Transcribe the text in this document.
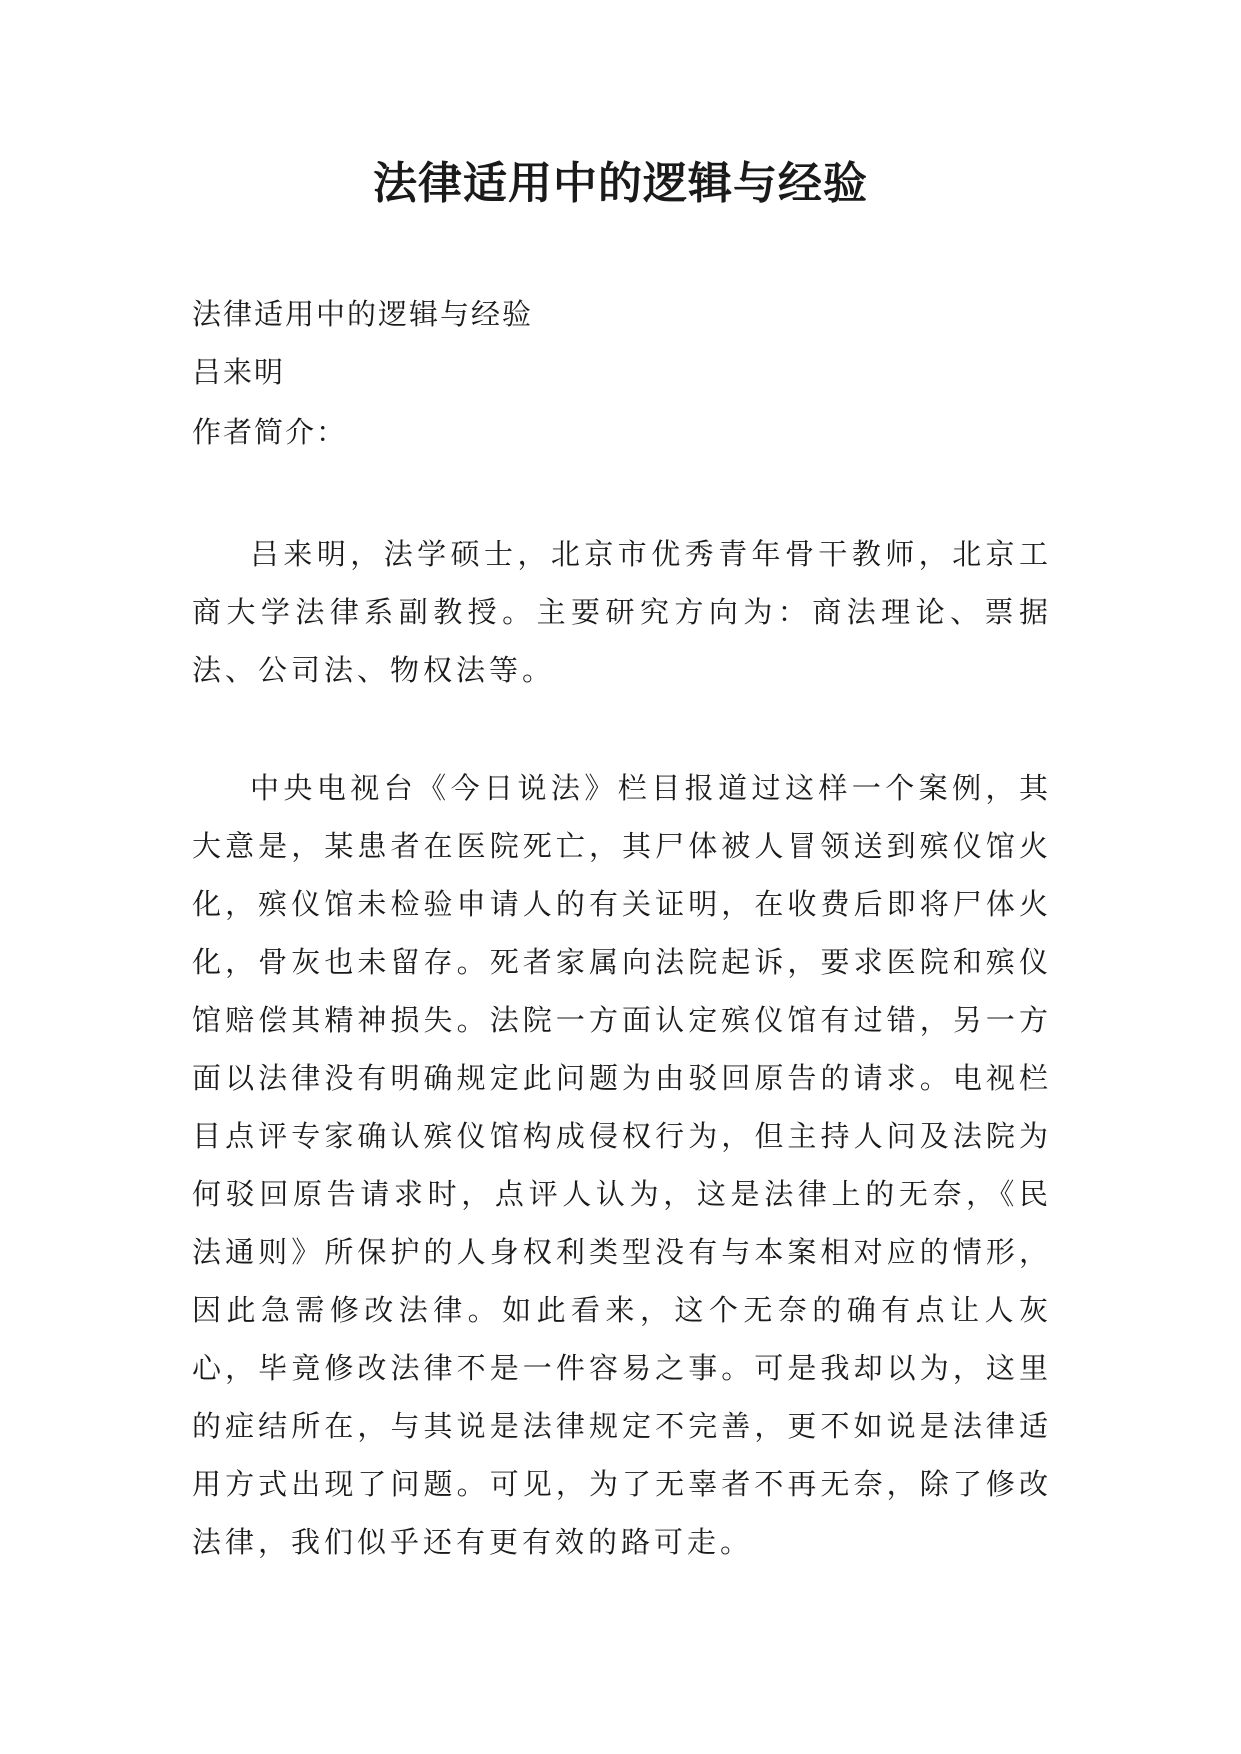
法律适用中的逻辑与经验

法律适用中的逻辑与经验

吕来明

作者简介：

吕来明，法学硕士，北京市优秀青年骨干教师，北京工商大学法律系副教授。主要研究方向为：商法理论、票据法、公司法、物权法等。

中央电视台《今日说法》栏目报道过这样一个案例，其大意是，某患者在医院死亡，其尸体被人冒领送到殡仪馆火化，殡仪馆未检验申请人的有关证明，在收费后即将尸体火化，骨灰也未留存。死者家属向法院起诉，要求医院和殡仪馆赔偿其精神损失。法院一方面认定殡仪馆有过错，另一方面以法律没有明确规定此问题为由驳回原告的请求。电视栏目点评专家确认殡仪馆构成侵权行为，但主持人问及法院为何驳回原告请求时，点评人认为，这是法律上的无奈，《民法通则》所保护的人身权利类型没有与本案相对应的情形，因此急需修改法律。如此看来，这个无奈的确有点让人灰心，毕竟修改法律不是一件容易之事。可是我却以为，这里的症结所在，与其说是法律规定不完善，更不如说是法律适用方式出现了问题。可见，为了无辜者不再无奈，除了修改法律，我们似乎还有更有效的路可走。
